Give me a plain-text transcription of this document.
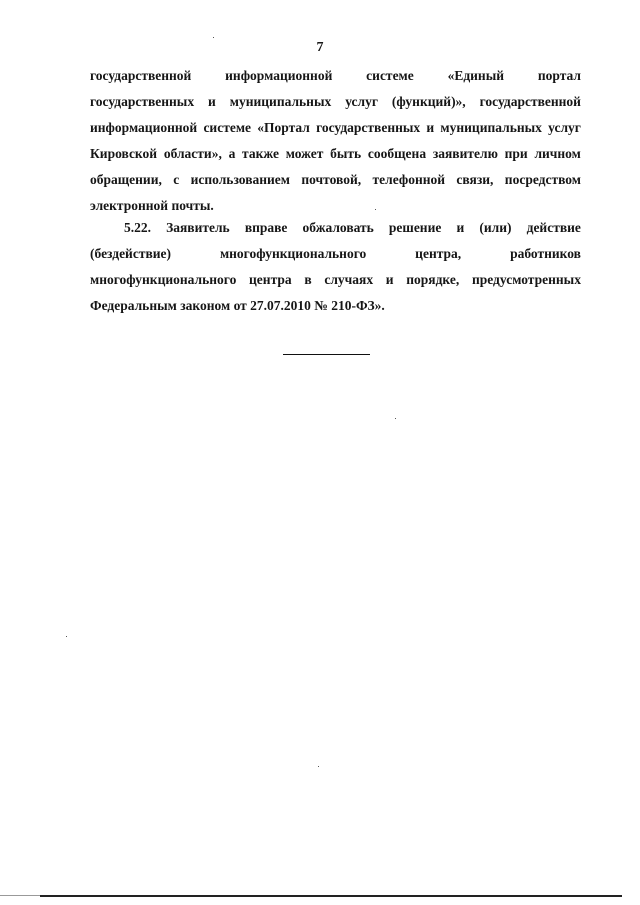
7
государственной	информационной	системе	«Единый	портал
государственных и муниципальных услуг (функций)», государственной
информационной системе «Портал государственных и муниципальных услуг
Кировской области», а также может быть сообщена заявителю при личном
обращении, с использованием почтовой, телефонной связи, посредством
электронной почты.
5.22. Заявитель вправе обжаловать решение и (или) действие
(бездействие)	многофункционального	центра,	работников
многофункционального центра в случаях и порядке, предусмотренных
Федеральным законом от 27.07.2010 № 210-ФЗ».
